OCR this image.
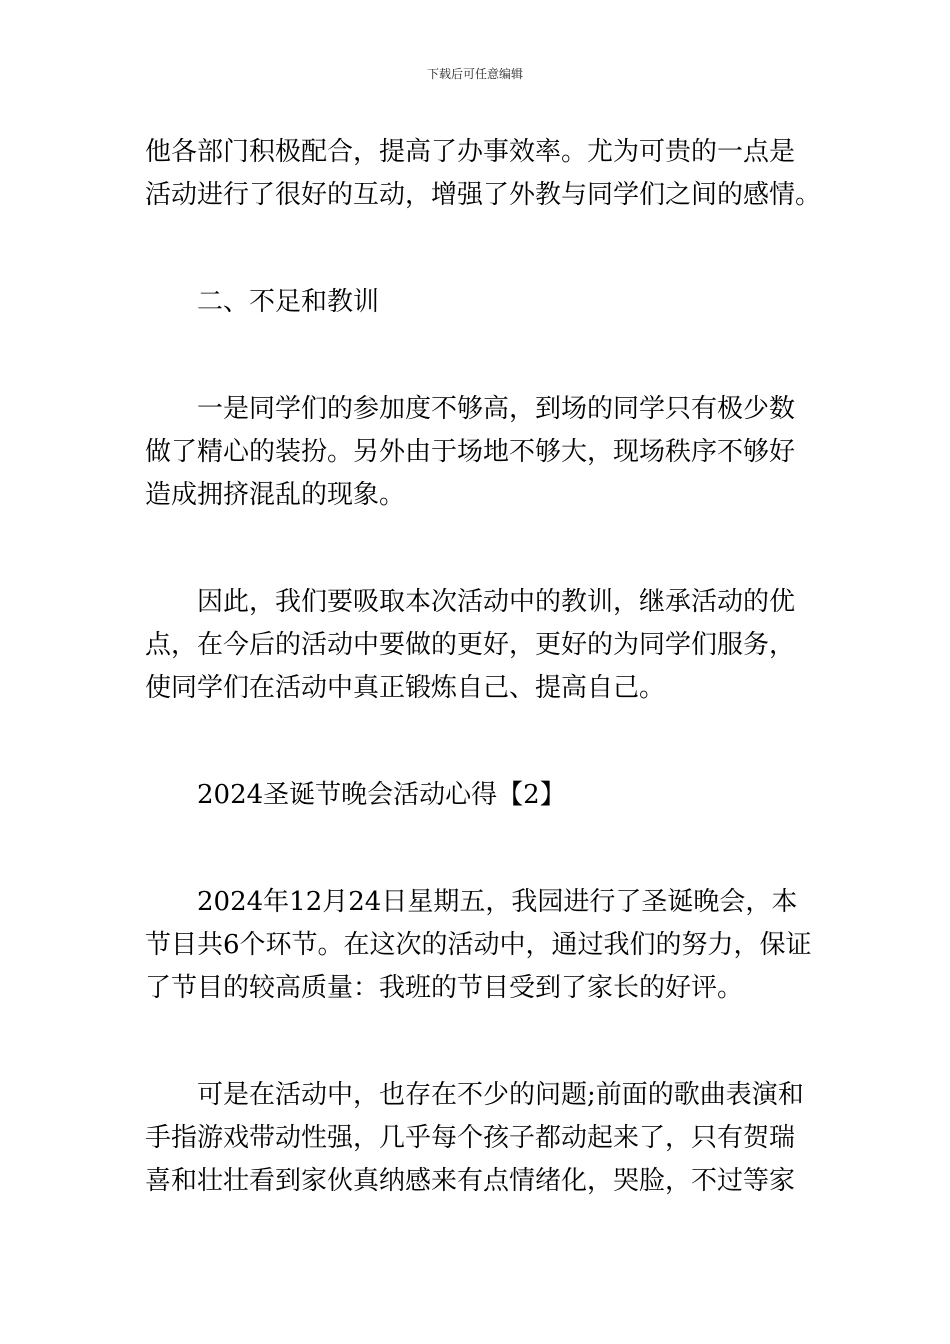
下载后可任意编辑
他各部门积极配合，提高了办事效率。尤为可贵的一点是
活动进行了很好的互动，增强了外教与同学们之间的感情。
二、不足和教训
一是同学们的参加度不够高，到场的同学只有极少数
做了精心的装扮。另外由于场地不够大，现场秩序不够好
造成拥挤混乱的现象。
因此，我们要吸取本次活动中的教训，继承活动的优
点，在今后的活动中要做的更好，更好的为同学们服务，
使同学们在活动中真正锻炼自己、提高自己。
2024圣诞节晚会活动心得【2】
2024年12月24日星期五，我园进行了圣诞晚会，本
节目共6个环节。在这次的活动中，通过我们的努力，保证
了节目的较高质量：我班的节目受到了家长的好评。
可是在活动中，也存在不少的问题;前面的歌曲表演和
手指游戏带动性强，几乎每个孩子都动起来了，只有贺瑞
喜和壮壮看到家伙真纳感来有点情绪化，哭脸，不过等家
